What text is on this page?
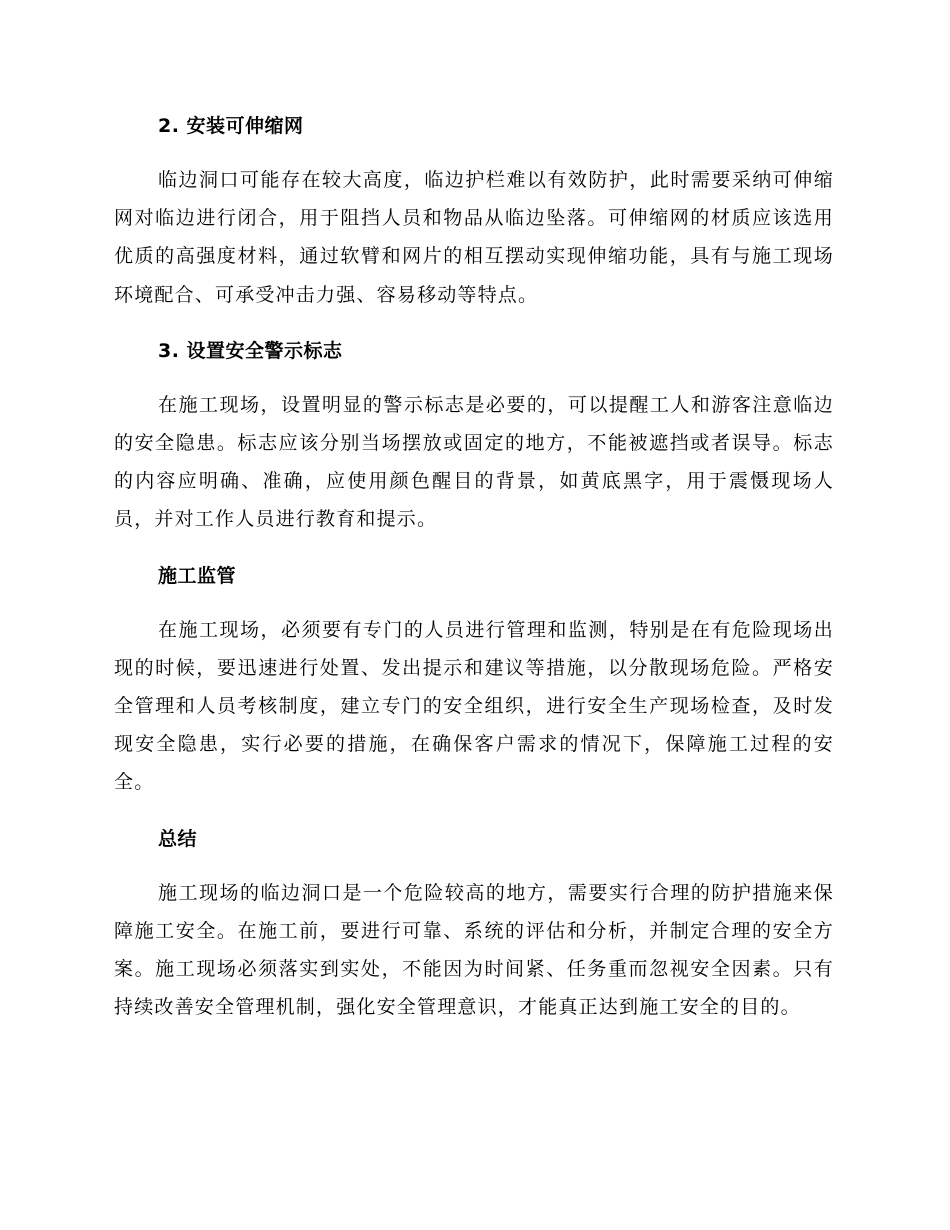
2. 安装可伸缩网

临边洞口可能存在较大高度，临边护栏难以有效防护，此时需要采纳可伸缩网对临边进行闭合，用于阻挡人员和物品从临边坠落。可伸缩网的材质应该选用优质的高强度材料，通过软臂和网片的相互摆动实现伸缩功能，具有与施工现场环境配合、可承受冲击力强、容易移动等特点。

3. 设置安全警示标志

在施工现场，设置明显的警示标志是必要的，可以提醒工人和游客注意临边的安全隐患。标志应该分别当场摆放或固定的地方，不能被遮挡或者误导。标志的内容应明确、准确，应使用颜色醒目的背景，如黄底黑字，用于震慑现场人员，并对工作人员进行教育和提示。

施工监管

在施工现场，必须要有专门的人员进行管理和监测，特别是在有危险现场出现的时候，要迅速进行处置、发出提示和建议等措施，以分散现场危险。严格安全管理和人员考核制度，建立专门的安全组织，进行安全生产现场检查，及时发现安全隐患，实行必要的措施，在确保客户需求的情况下，保障施工过程的安全。

总结

施工现场的临边洞口是一个危险较高的地方，需要实行合理的防护措施来保障施工安全。在施工前，要进行可靠、系统的评估和分析，并制定合理的安全方案。施工现场必须落实到实处，不能因为时间紧、任务重而忽视安全因素。只有持续改善安全管理机制，强化安全管理意识，才能真正达到施工安全的目的。
